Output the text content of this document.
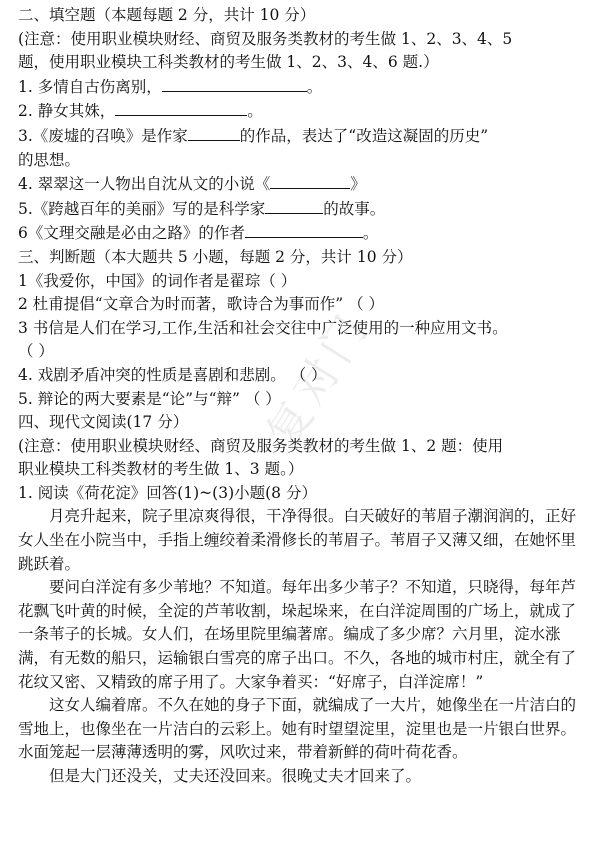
复对门
二、填空题（本题每题 2 分，共计 10 分）
(注意：使用职业模块财经、商贸及服务类教材的考生做 1、2、3、4、5
题，使用职业模块工科类教材的考生做 1、2、3、4、6 题.）
1. 多情自古伤离别，	。
2. 静女其姝，	。
3.《废墟的召唤》是作家	的作品，表达了“改造这凝固的历史”
的思想。
4. 翠翠这一人物出自沈从文的小说《	》
5.《跨越百年的美丽》写的是科学家	的故事。
6《文理交融是必由之路》的作者	。
三、判断题（本大题共 5 小题，每题 2 分，共计 10 分）
1《我爱你，中国》的词作者是翟琮（ ）
2 杜甫提倡“文章合为时而著，歌诗合为事而作” （ ）
3 书信是人们在学习,工作,生活和社会交往中广泛使用的一种应用文书。
（ ）
4. 戏剧矛盾冲突的性质是喜剧和悲剧。 （ ）
5. 辩论的两大要素是“论”与“辩” （ ）
四、现代文阅读(17 分）
(注意：使用职业模块财经、商贸及服务类教材的考生做 1、2 题：使用
职业模块工科类教材的考生做 1、3 题。）
1. 阅读《荷花淀》回答(1)~(3)小题(8 分）
月亮升起来，院子里凉爽得很，干净得很。白天破好的苇眉子潮润润的，正好女人坐在小院当中，手指上缠绞着柔滑修长的苇眉子。苇眉子又薄又细，在她怀里跳跃着。
要问白洋淀有多少苇地？不知道。每年出多少苇子？不知道，只晓得，每年芦花飘飞叶黄的时候，全淀的芦苇收割，垛起垛来，在白洋淀周围的广场上，就成了一条苇子的长城。女人们，在场里院里编著席。编成了多少席？六月里，淀水涨满，有无数的船只，运输银白雪亮的席子出口。不久，各地的城市村庄，就全有了花纹又密、又精致的席子用了。大家争着买：“好席子，白洋淀席！”
这女人编着席。不久在她的身子下面，就编成了一大片，她像坐在一片洁白的雪地上，也像坐在一片洁白的云彩上。她有时望望淀里，淀里也是一片银白世界。水面笼起一层薄薄透明的雾，风吹过来，带着新鲜的荷叶荷花香。
但是大门还没关，丈夫还没回来。很晚丈夫才回来了。
